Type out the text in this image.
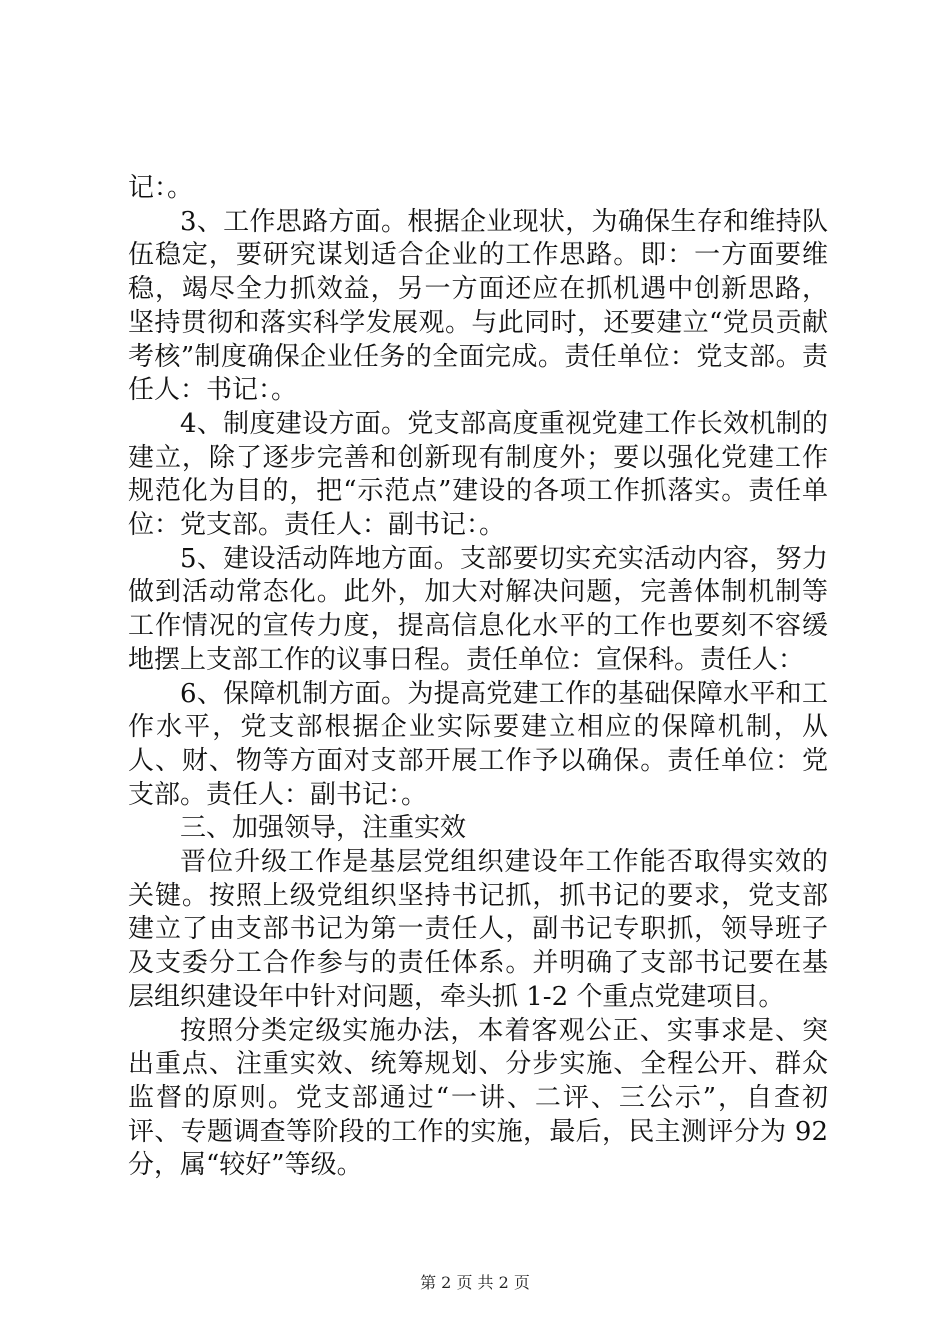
记：。

3、工作思路方面。根据企业现状，为确保生存和维持队伍稳定，要研究谋划适合企业的工作思路。即：一方面要维稳，竭尽全力抓效益，另一方面还应在抓机遇中创新思路，坚持贯彻和落实科学发展观。与此同时，还要建立“党员贡献考核”制度确保企业任务的全面完成。责任单位：党支部。责任人：书记：。

4、制度建设方面。党支部高度重视党建工作长效机制的建立，除了逐步完善和创新现有制度外；要以强化党建工作规范化为目的，把“示范点”建设的各项工作抓落实。责任单位：党支部。责任人：副书记：。

5、建设活动阵地方面。支部要切实充实活动内容，努力做到活动常态化。此外，加大对解决问题，完善体制机制等工作情况的宣传力度，提高信息化水平的工作也要刻不容缓地摆上支部工作的议事日程。责任单位：宣保科。责任人：

6、保障机制方面。为提高党建工作的基础保障水平和工作水平，党支部根据企业实际要建立相应的保障机制，从人、财、物等方面对支部开展工作予以确保。责任单位：党支部。责任人：副书记：。

三、加强领导，注重实效

晋位升级工作是基层党组织建设年工作能否取得实效的关键。按照上级党组织坚持书记抓，抓书记的要求，党支部建立了由支部书记为第一责任人，副书记专职抓，领导班子及支委分工合作参与的责任体系。并明确了支部书记要在基层组织建设年中针对问题，牵头抓 1-2 个重点党建项目。

按照分类定级实施办法，本着客观公正、实事求是、突出重点、注重实效、统筹规划、分步实施、全程公开、群众监督的原则。党支部通过“一讲、二评、三公示”，自查初评、专题调查等阶段的工作的实施，最后，民主测评分为 92 分，属“较好”等级。

第 2 页 共 2 页
